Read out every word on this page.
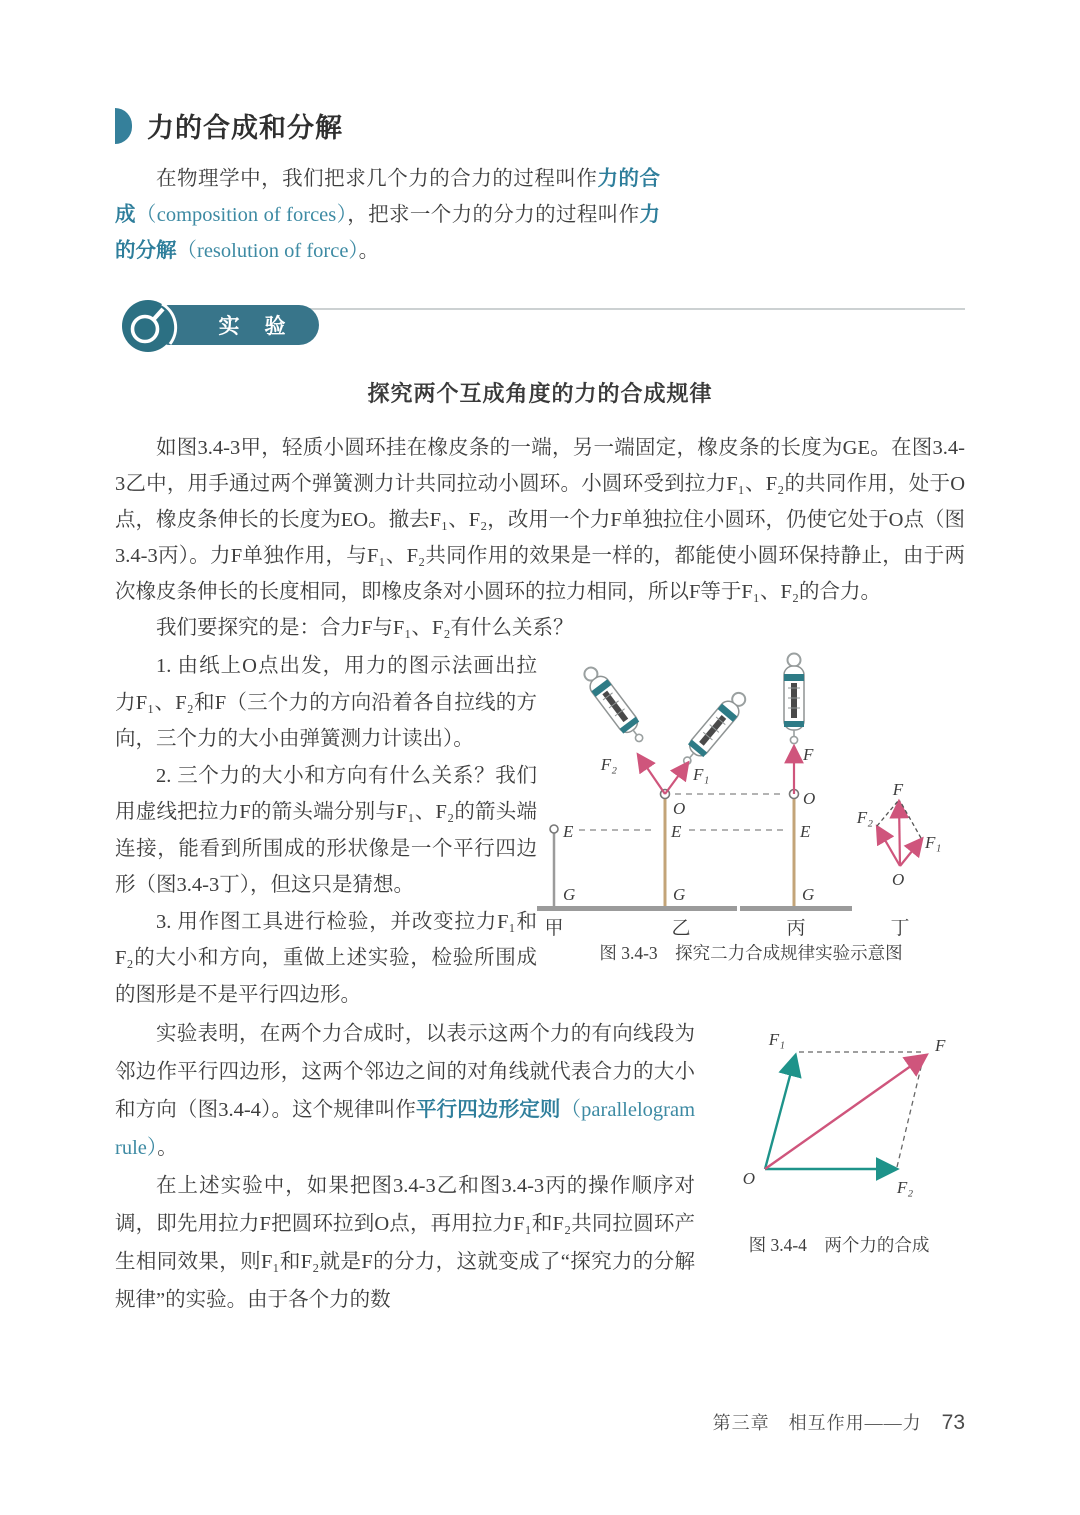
力的合成和分解

在物理学中，我们把求几个力的合力的过程叫作力的合成（composition of forces），把求一个力的分力的过程叫作力的分解（resolution of force）。

实　验
探究两个互成角度的力的合成规律

如图3.4-3甲，轻质小圆环挂在橡皮条的一端，另一端固定，橡皮条的长度为GE。在图3.4-3乙中，用手通过两个弹簧测力计共同拉动小圆环。小圆环受到拉力F₁、F₂的共同作用，处于O点，橡皮条伸长的长度为EO。撤去F₁、F₂，改用一个力F单独拉住小圆环，仍使它处于O点（图3.4-3丙）。力F单独作用，与F₁、F₂共同作用的效果是一样的，都能使小圆环保持静止，由于两次橡皮条伸长的长度相同，即橡皮条对小圆环的拉力相同，所以F等于F₁、F₂的合力。

我们要探究的是：合力F与F₁、F₂有什么关系？

1. 由纸上O点出发，用力的图示法画出拉力F₁、F₂和F（三个力的方向沿着各自拉线的方向，三个力的大小由弹簧测力计读出）。

2. 三个力的大小和方向有什么关系？我们用虚线把拉力F的箭头端分别与F₁、F₂的箭头端连接，能看到所围成的形状像是一个平行四边形（图3.4-3丁），但这只是猜想。

3. 用作图工具进行检验，并改变拉力F₁和F₂的大小和方向，重做上述实验，检验所围成的图形是不是平行四边形。

E	E	E
G	G	G
O
O
O
F₂
F₁
F
F
F₂
F₁
甲	乙	丙	丁
图 3.4-3　探究二力合成规律实验示意图

实验表明，在两个力合成时，以表示这两个力的有向线段为邻边作平行四边形，这两个邻边之间的对角线就代表合力的大小和方向（图3.4-4）。这个规律叫作平行四边形定则（parallelogram rule）。

在上述实验中，如果把图3.4-3乙和图3.4-3丙的操作顺序对调，即先用拉力F把圆环拉到O点，再用拉力F₁和F₂共同拉圆环产生相同效果，则F₁和F₂就是F的分力，这就变成了“探究力的分解规律”的实验。由于各个力的数

F₁	F
O	F₂
图 3.4-4　两个力的合成
第三章　相互作用——力 73
